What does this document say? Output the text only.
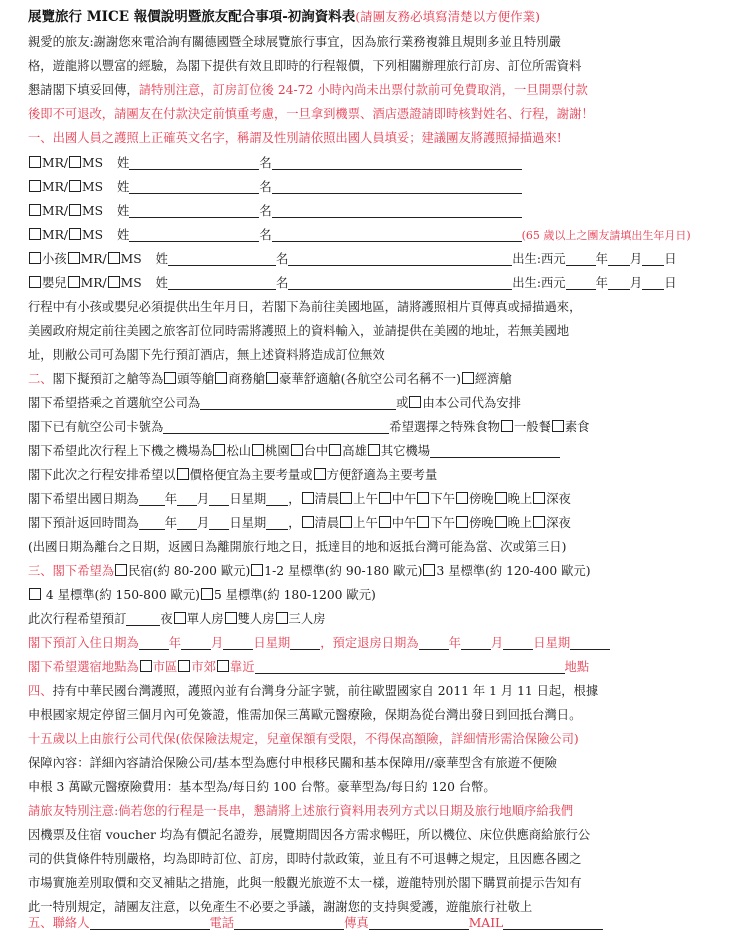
展覽旅行 MICE 報價說明暨旅友配合事項-初詢資料表(請團友務必填寫清楚以方便作業)
親愛的旅友:謝謝您來電洽詢有關德國暨全球展覽旅行事宜，因為旅行業務複雜且規則多並且特別嚴
格，遊龍將以豐富的經驗，為閣下提供有效且即時的行程報價，下列相關辦理旅行訂房、訂位所需資料
懇請閣下填妥回傳，請特別注意，訂房訂位後 24-72 小時內尚未出票付款前可免費取消，一旦開票付款
後即不可退改，請團友在付款決定前慎重考慮，一旦拿到機票、酒店憑證請即時核對姓名、行程，謝謝！
一、出國人員之護照上正確英文名字，稱謂及性別請依照出國人員填妥；建議團友將護照掃描過來!
MR/ MS 姓	名
MR/ MS 姓	名
MR/ MS 姓	名
MR/ MS 姓	名	(65 歲以上之團友請填出生年月日)
小孩 MR/ MS 姓	名	出生:西元 年 月 日
嬰兒 MR/ MS 姓	名	出生:西元 年 月 日
行程中有小孩或嬰兒必須提供出生年月日，若閣下為前往美國地區，請將護照相片頁傳真或掃描過來，
美國政府規定前往美國之旅客訂位同時需將護照上的資料輸入，並請提供在美國的地址，若無美國地
址，則敝公司可為閣下先行預訂酒店，無上述資料將造成訂位無效
二、閣下擬預訂之艙等為 頭等艙 商務艙 豪華舒適艙(各航空公司名稱不一) 經濟艙
閣下希望搭乘之首選航空公司為	或 由本公司代為安排
閣下已有航空公司卡號為	希望選擇之特殊食物 一般餐 素食
閣下希望此次行程上下機之機場為 松山 桃園 台中 高雄 其它機場
閣下此次之行程安排希望以 價格便宜為主要考量或 方便舒適為主要考量
閣下希望出國日期為 年 月 日星期 ， 清晨 上午 中午 下午 傍晚 晚上 深夜
閣下預計返回時間為 年 月 日星期 ， 清晨 上午 中午 下午 傍晚 晚上 深夜
(出國日期為離台之日期，返國日為離開旅行地之日，抵達目的地和返抵台灣可能為當、次或第三日)
三、閣下希望為 民宿(約 80-200 歐元) 1-2 星標準(約 90-180 歐元) 3 星標準(約 120-400 歐元)
4 星標準(約 150-800 歐元) 5 星標準(約 180-1200 歐元)
此次行程希望預訂	夜 單人房 雙人房 三人房
閣下預訂入住日期為 年 月 日星期 ，預定退房日期為 年 月 日星期
閣下希望選宿地點為 市區 市郊 靠近	地點
四、持有中華民國台灣護照，護照內並有台灣身分証字號，前往歐盟國家自 2011 年 1 月 11 日起，根據
申根國家規定停留三個月內可免簽證，惟需加保三萬歐元醫療險，保期為從台灣出發日到回抵台灣日。
十五歲以上由旅行公司代保(依保險法規定，兒童保額有受限，不得保高額險，詳細情形需洽保險公司)
保障內容：詳細內容請洽保險公司/基本型為應付申根移民關和基本保障用//豪華型含有旅遊不便險
申根 3 萬歐元醫療險費用：基本型為/每日約 100 台幣。豪華型為/每日約 120 台幣。
請旅友特別注意:倘若您的行程是一長串，懇請將上述旅行資料用表列方式以日期及旅行地順序給我們
因機票及住宿 voucher 均為有價記名證券，展覽期間因各方需求暢旺，所以機位、床位供應商給旅行公
司的供貨條件特別嚴格，均為即時訂位、訂房，即時付款政策，並且有不可退轉之規定，且因應各國之
市場實施差別取價和交叉補貼之措施，此與一般觀光旅遊不太一樣，遊龍特別於閣下購買前提示告知有
此一特別規定，請團友注意，以免產生不必要之爭議，謝謝您的支持與愛護，遊龍旅行社敬上
五、聯絡人	電話	傳真	MAIL
